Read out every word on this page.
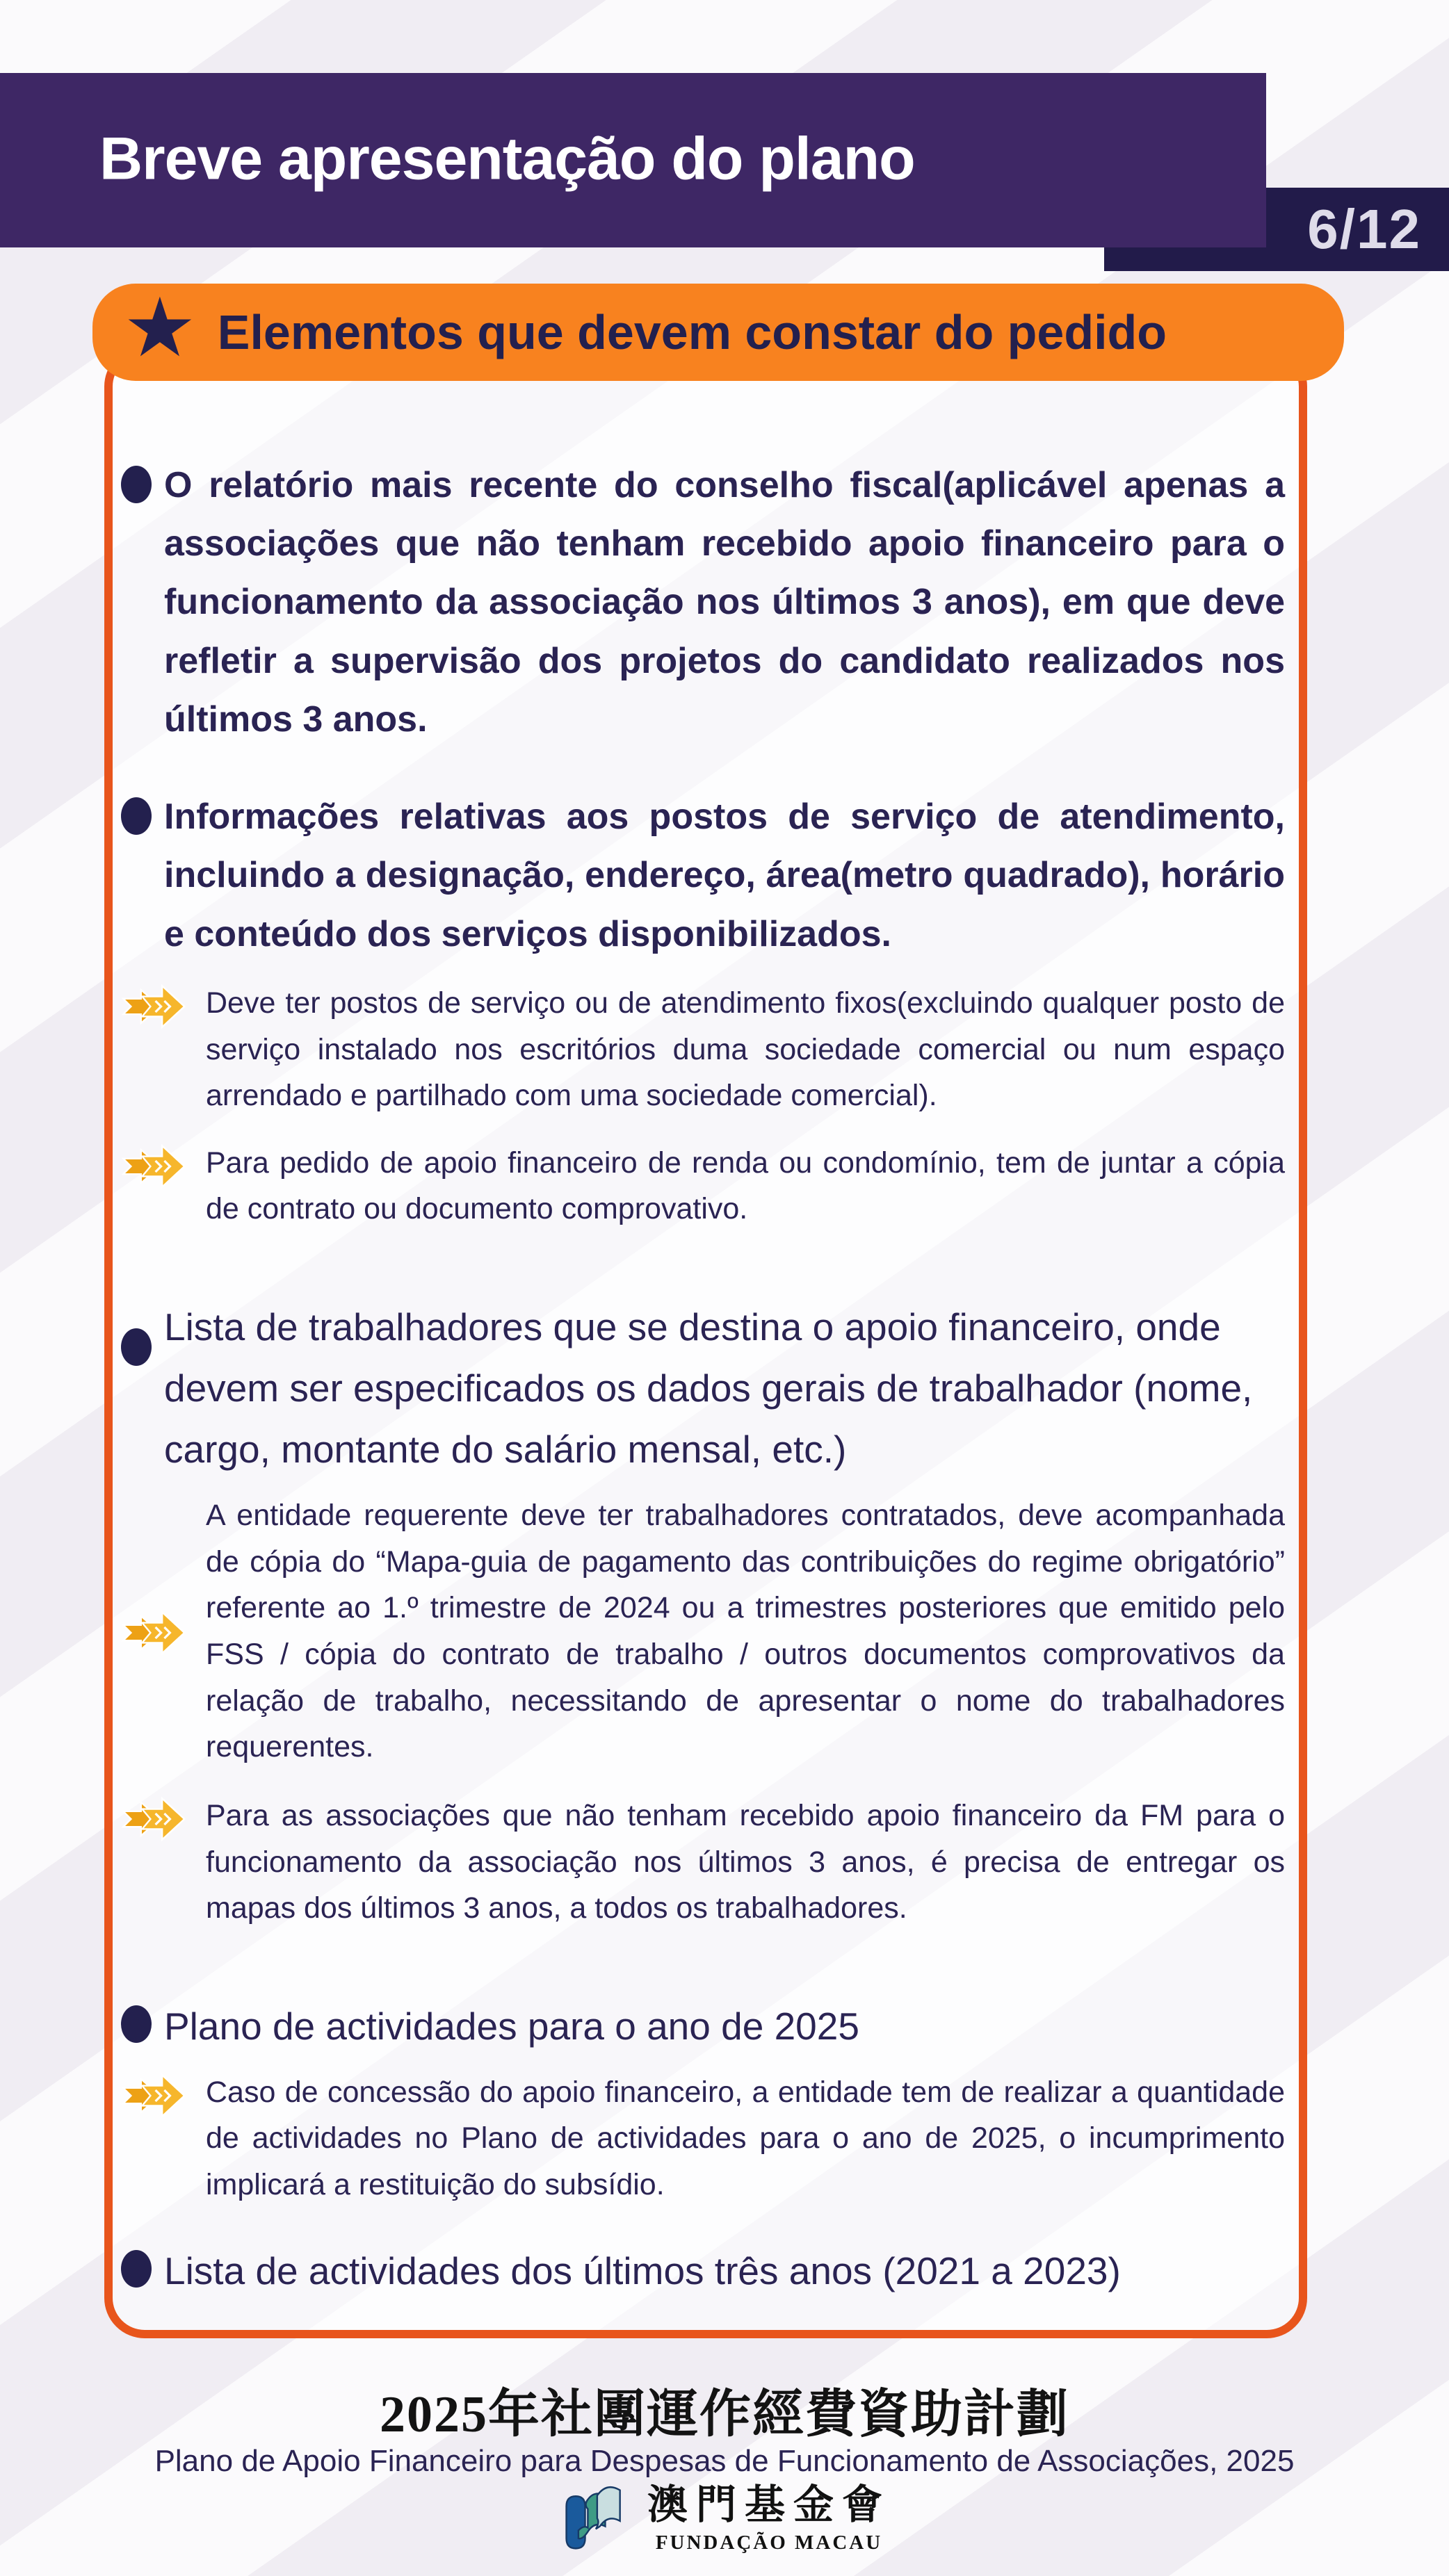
6/12
Breve apresentação do plano
O relatório mais recente do conselho fiscal(aplicável apenas a associações que não tenham recebido apoio financeiro para o funcionamento da associação nos últimos 3 anos), em que deve refletir a supervisão dos projetos do candidato realizados nos últimos 3 anos.
Informações relativas aos postos de serviço de atendimento, incluindo a designação, endereço, área(metro quadrado), horário e conteúdo dos serviços disponibilizados.
Deve ter postos de serviço ou de atendimento fixos(excluindo qualquer posto de serviço instalado nos escritórios duma sociedade comercial ou num espaço arrendado e partilhado com uma sociedade comercial).
Para pedido de apoio financeiro de renda ou condomínio, tem de juntar a cópia de contrato ou documento comprovativo.
Lista de trabalhadores que se destina o apoio financeiro, onde devem ser especificados os dados gerais de trabalhador (nome, cargo, montante do salário mensal, etc.)
A entidade requerente deve ter trabalhadores contratados, deve acompanhada de cópia do “Mapa-guia de pagamento das contribuições do regime obrigatório” referente ao 1.º trimestre de 2024 ou a trimestres posteriores que emitido pelo FSS / cópia do contrato de trabalho / outros documentos comprovativos da relação de trabalho, necessitando de apresentar o nome do trabalhadores requerentes.
Para as associações que não tenham recebido apoio financeiro da FM para o funcionamento da associação nos últimos 3 anos, é precisa de entregar os mapas dos últimos 3 anos, a todos os trabalhadores.
Plano de actividades para o ano de 2025
Caso de concessão do apoio financeiro, a entidade tem de realizar a quantidade de actividades no Plano de actividades para o ano de 2025, o incumprimento implicará a restituição do subsídio.
Lista de actividades dos últimos três anos (2021 a 2023)
★ Elementos que devem constar do pedido
2025年社團運作經費資助計劃
Plano de Apoio Financeiro para Despesas de Funcionamento de Associações, 2025
澳門基金會
FUNDAÇÃO MACAU
